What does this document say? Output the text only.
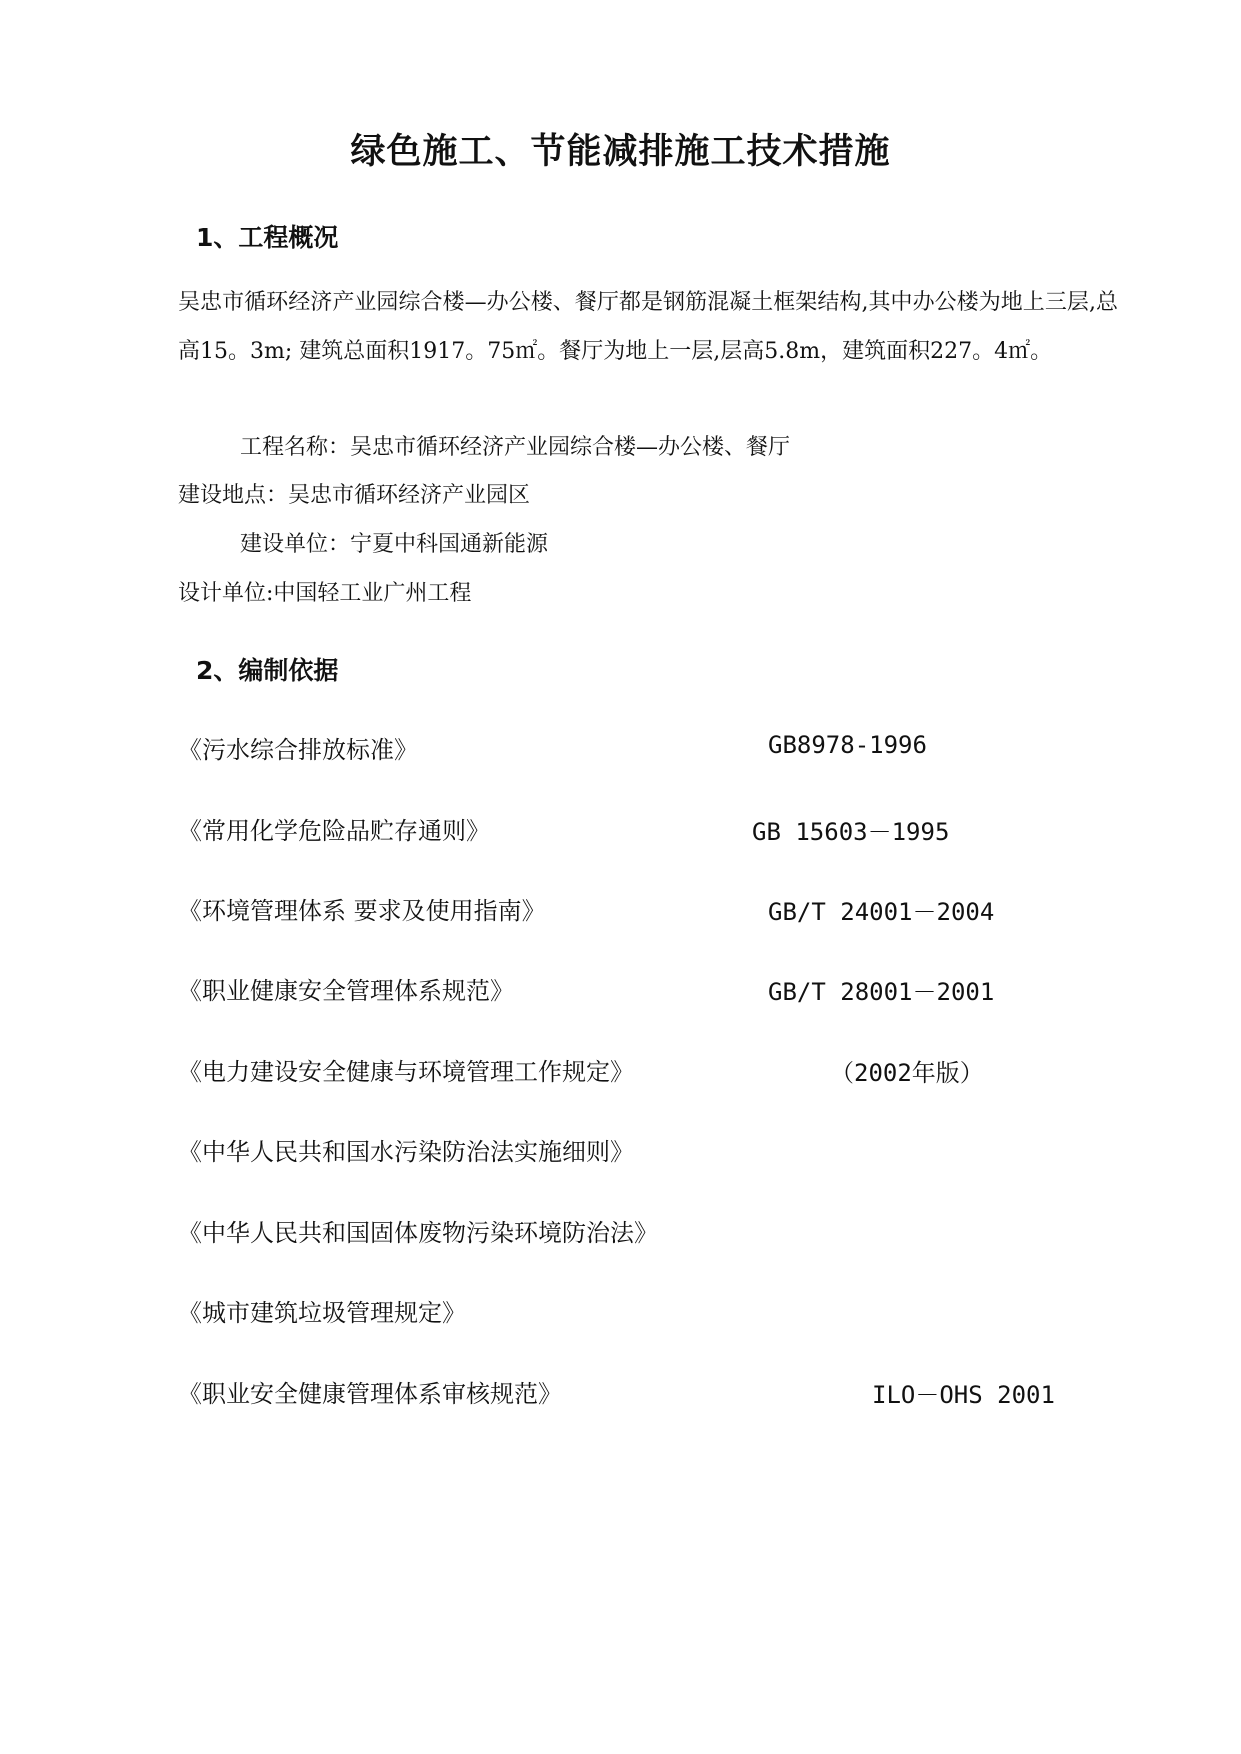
绿色施工、节能减排施工技术措施
1、工程概况
吴忠市循环经济产业园综合楼—办公楼、餐厅都是钢筋混凝土框架结构,其中办公楼为地上三层,总高15。3m; 建筑总面积1917。75㎡。餐厅为地上一层,层高5.8m，建筑面积227。4㎡。
工程名称：吴忠市循环经济产业园综合楼—办公楼、餐厅
建设地点：吴忠市循环经济产业园区
建设单位：宁夏中科国通新能源
设计单位:中国轻工业广州工程
2、编制依据
《污水综合排放标准》	GB8978-1996
《常用化学危险品贮存通则》	GB 15603－1995
《环境管理体系 要求及使用指南》	GB/T 24001－2004
《职业健康安全管理体系规范》	GB/T 28001－2001
《电力建设安全健康与环境管理工作规定》	（2002年版）
《中华人民共和国水污染防治法实施细则》
《中华人民共和国固体废物污染环境防治法》
《城市建筑垃圾管理规定》
《职业安全健康管理体系审核规范》	ILO－OHS 2001
